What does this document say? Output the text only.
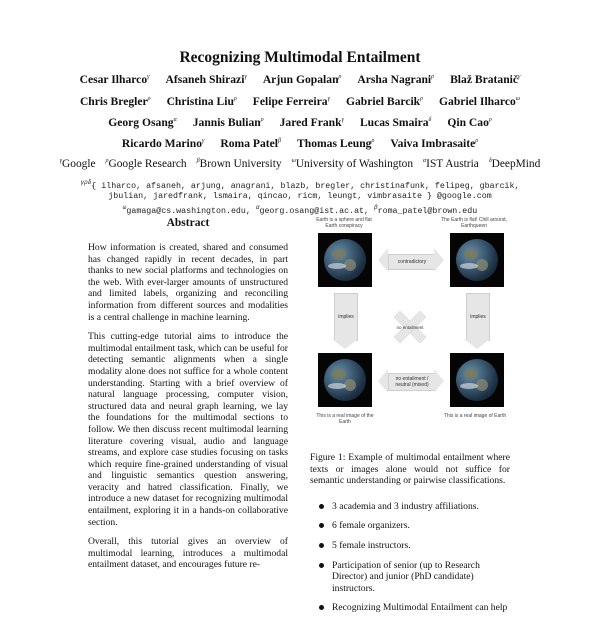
Recognizing Multimodal Entailment
Cesar Ilharco$^\gamma$ Afsaneh Shirazi$^\gamma$ Arjun Gopalan$^\rho$ Arsha Nagrani$^\rho$ Blaž Bratanič$^\gamma$
Chris Bregler$^\rho$ Christina Liu$^\rho$ Felipe Ferreira$^\gamma$ Gabriel Barcik$^\rho$ Gabriel Ilharco$^\omega$
Georg Osang$^\alpha$ Jannis Bulian$^\rho$ Jared Frank$^\gamma$ Lucas Smaira$^\delta$ Qin Cao$^\rho$
Ricardo Marino$^\gamma$ Roma Patel$^\beta$ Thomas Leung$^\rho$ Vaiva Imbrasaite$^\rho$
$^\gamma$Google $^\rho$Google Research $^\beta$Brown University $^\omega$University of Washington $^\alpha$IST Austria $^\delta$DeepMind
$^{\gamma\rho\delta}${ ilharco, afsaneh, arjung, anagrani, blazb, bregler, christinafunk, felipeg, gbarcik,
jbulian, jaredfrank, lsmaira, qincao, ricm, leungt, vimbrasaite } @google.com
$^\omega$gamaga@cs.washington.edu, $^\alpha$georg.osang@ist.ac.at, $^\beta$roma_patel@brown.edu
Abstract

How information is created, shared and consumed has changed rapidly in recent decades, in part thanks to new social platforms and technologies on the web. With ever-larger amounts of unstructured and limited labels, organizing and reconciling information from different sources and modalities is a central challenge in machine learning.

This cutting-edge tutorial aims to introduce the multimodal entailment task, which can be useful for detecting semantic alignments when a single modality alone does not suffice for a whole content understanding. Starting with a brief overview of natural language processing, computer vision, structured data and neural graph learning, we lay the foundations for the multimodal sections to follow. We then discuss recent multimodal learning literature covering visual, audio and language streams, and explore case studies focusing on tasks which require fine-grained understanding of visual and linguistic semantics question answering, veracity and hatred classification. Finally, we introduce a new dataset for recognizing multimodal entailment, exploring it in a hands-on collaborative section.

Overall, this tutorial gives an overview of multimodal learning, introduces a multimodal entailment dataset, and encourages future re-

Earth is a sphere and flat Earth conspiracy
The Earth is flat! Chill around, Earthqueen
contradictory
implies	implies
no entailment
no entailment / neutral (mixed)
This is a real image of the Earth
This is a real image of Earth
Figure 1: Example of multimodal entailment where texts or images alone would not suffice for semantic understanding or pairwise classifications.
3 academia and 3 industry affiliations.
6 female organizers.
5 female instructors.
Participation of senior (up to Research Director) and junior (PhD candidate) instructors.
Recognizing Multimodal Entailment can help
